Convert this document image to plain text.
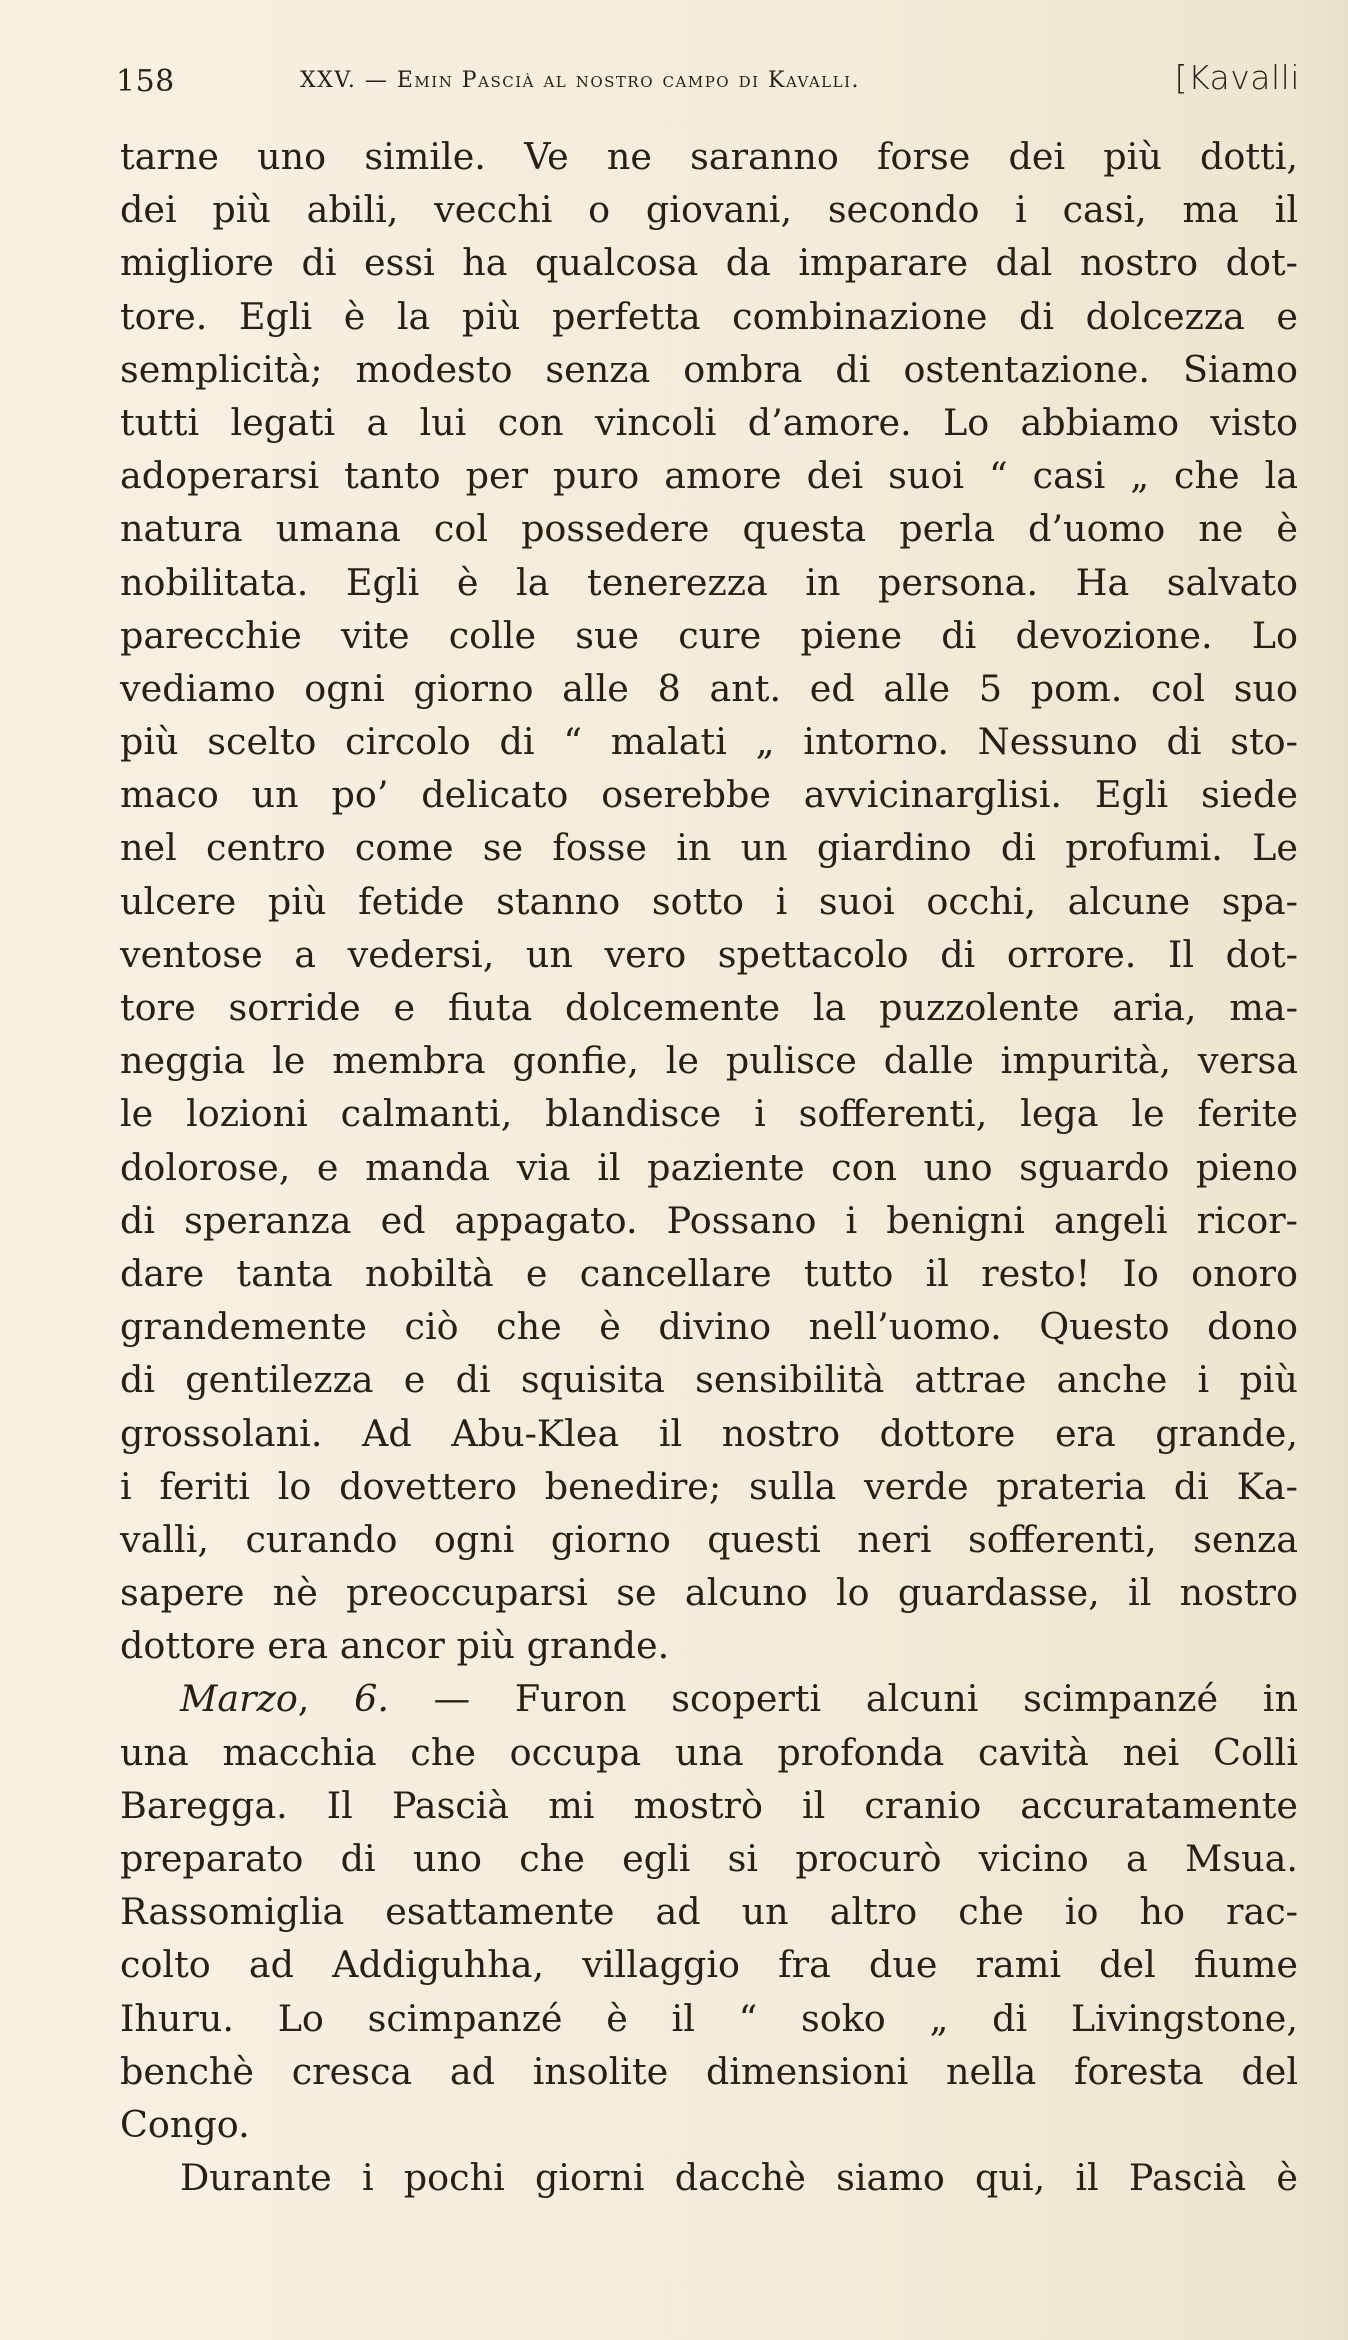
158	XXV. — Emin Pascià al nostro campo di Kavalli.	[Kavalli
tarne uno simile. Ve ne saranno forse dei più dotti,
dei più abili, vecchi o giovani, secondo i casi, ma il
migliore di essi ha qualcosa da imparare dal nostro dot-
tore. Egli è la più perfetta combinazione di dolcezza e
semplicità; modesto senza ombra di ostentazione. Siamo
tutti legati a lui con vincoli d’amore. Lo abbiamo visto
adoperarsi tanto per puro amore dei suoi “ casi „ che la
natura umana col possedere questa perla d’uomo ne è
nobilitata. Egli è la tenerezza in persona. Ha salvato
parecchie vite colle sue cure piene di devozione. Lo
vediamo ogni giorno alle 8 ant. ed alle 5 pom. col suo
più scelto circolo di “ malati „ intorno. Nessuno di sto-
maco un po’ delicato oserebbe avvicinarglisi. Egli siede
nel centro come se fosse in un giardino di profumi. Le
ulcere più fetide stanno sotto i suoi occhi, alcune spa-
ventose a vedersi, un vero spettacolo di orrore. Il dot-
tore sorride e fiuta dolcemente la puzzolente aria, ma-
neggia le membra gonfie, le pulisce dalle impurità, versa
le lozioni calmanti, blandisce i sofferenti, lega le ferite
dolorose, e manda via il paziente con uno sguardo pieno
di speranza ed appagato. Possano i benigni angeli ricor-
dare tanta nobiltà e cancellare tutto il resto! Io onoro
grandemente ciò che è divino nell’uomo. Questo dono
di gentilezza e di squisita sensibilità attrae anche i più
grossolani. Ad Abu-Klea il nostro dottore era grande,
i feriti lo dovettero benedire; sulla verde prateria di Ka-
valli, curando ogni giorno questi neri sofferenti, senza
sapere nè preoccuparsi se alcuno lo guardasse, il nostro
dottore era ancor più grande.
Marzo, 6. — Furon scoperti alcuni scimpanzé in
una macchia che occupa una profonda cavità nei Colli
Baregga. Il Pascià mi mostrò il cranio accuratamente
preparato di uno che egli si procurò vicino a Msua.
Rassomiglia esattamente ad un altro che io ho rac-
colto ad Addiguhha, villaggio fra due rami del fiume
Ihuru. Lo scimpanzé è il “ soko „ di Livingstone,
benchè cresca ad insolite dimensioni nella foresta del
Congo.
Durante i pochi giorni dacchè siamo qui, il Pascià è
